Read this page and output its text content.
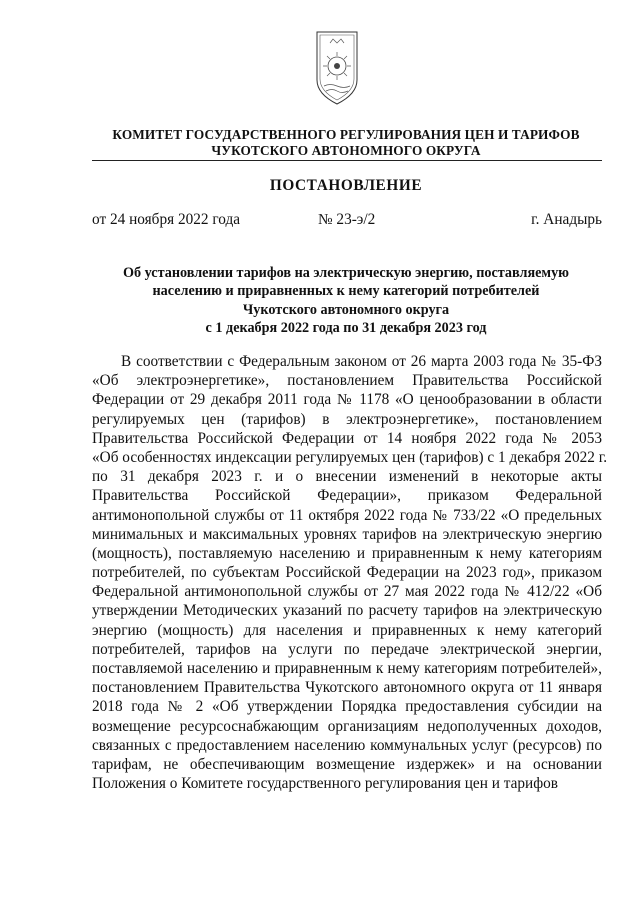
КОМИТЕТ ГОСУДАРСТВЕННОГО РЕГУЛИРОВАНИЯ ЦЕН И ТАРИФОВ
ЧУКОТСКОГО АВТОНОМНОГО ОКРУГА
ПОСТАНОВЛЕНИЕ
от 24 ноября 2022 года	№ 23-э/2	г. Анадырь
Об установлении тарифов на электрическую энергию, поставляемую
населению и приравненных к нему категорий потребителей
Чукотского автономного округа
с 1 декабря 2022 года по 31 декабря 2023 год
В соответствии с Федеральным законом от 26 марта 2003 года № 35-ФЗ
«Об электроэнергетике», постановлением Правительства Российской
Федерации от 29 декабря 2011 года № 1178 «О ценообразовании в области
регулируемых цен (тарифов) в электроэнергетике», постановлением
Правительства Российской Федерации от 14 ноября 2022 года № 2053
«Об особенностях индексации регулируемых цен (тарифов) с 1 декабря 2022 г.
по 31 декабря 2023 г. и о внесении изменений в некоторые акты
Правительства Российской Федерации», приказом Федеральной
антимонопольной службы от 11 октября 2022 года № 733/22 «О предельных
минимальных и максимальных уровнях тарифов на электрическую энергию
(мощность), поставляемую населению и приравненным к нему категориям
потребителей, по субъектам Российской Федерации на 2023 год», приказом
Федеральной антимонопольной службы от 27 мая 2022 года № 412/22 «Об
утверждении Методических указаний по расчету тарифов на электрическую
энергию (мощность) для населения и приравненных к нему категорий
потребителей, тарифов на услуги по передаче электрической энергии,
поставляемой населению и приравненным к нему категориям потребителей»,
постановлением Правительства Чукотского автономного округа от 11 января
2018 года № 2 «Об утверждении Порядка предоставления субсидии на
возмещение ресурсоснабжающим организациям недополученных доходов,
связанных с предоставлением населению коммунальных услуг (ресурсов) по
тарифам, не обеспечивающим возмещение издержек» и на основании
Положения о Комитете государственного регулирования цен и тарифов
